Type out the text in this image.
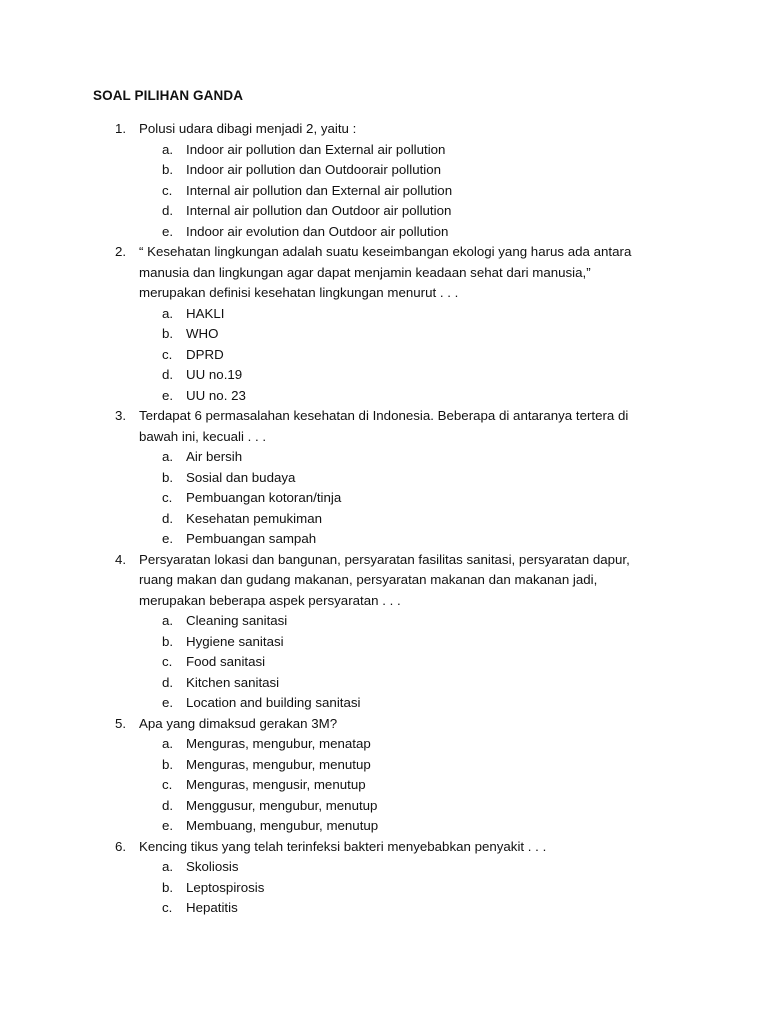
SOAL PILIHAN GANDA
1. Polusi udara dibagi menjadi 2, yaitu :
a. Indoor air pollution dan External air pollution
b. Indoor air pollution dan Outdoorair pollution
c. Internal air pollution dan External air pollution
d. Internal air pollution dan Outdoor air pollution
e. Indoor air evolution dan Outdoor air pollution
2. “ Kesehatan lingkungan adalah suatu keseimbangan ekologi yang harus ada antara
manusia dan lingkungan agar dapat menjamin keadaan sehat dari manusia,”
merupakan definisi kesehatan lingkungan menurut . . .
a. HAKLI
b. WHO
c. DPRD
d. UU no.19
e. UU no. 23
3. Terdapat 6 permasalahan kesehatan di Indonesia. Beberapa di antaranya tertera di
bawah ini, kecuali . . .
a. Air bersih
b. Sosial dan budaya
c. Pembuangan kotoran/tinja
d. Kesehatan pemukiman
e. Pembuangan sampah
4. Persyaratan lokasi dan bangunan, persyaratan fasilitas sanitasi, persyaratan dapur,
ruang makan dan gudang makanan, persyaratan makanan dan makanan jadi,
merupakan beberapa aspek persyaratan . . .
a. Cleaning sanitasi
b. Hygiene sanitasi
c. Food sanitasi
d. Kitchen sanitasi
e. Location and building sanitasi
5. Apa yang dimaksud gerakan 3M?
a. Menguras, mengubur, menatap
b. Menguras, mengubur, menutup
c. Menguras, mengusir, menutup
d. Menggusur, mengubur, menutup
e. Membuang, mengubur, menutup
6. Kencing tikus yang telah terinfeksi bakteri menyebabkan penyakit . . .
a. Skoliosis
b. Leptospirosis
c. Hepatitis
